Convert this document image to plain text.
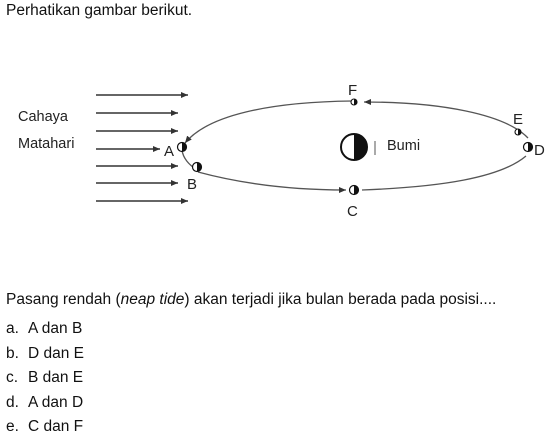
Perhatikan gambar berikut.
Cahaya
Matahari	Bumi
A
B
C
D
E
F
Pasang rendah (neap tide) akan terjadi jika bulan berada pada posisi....
a. A dan B
b. D dan E
c. B dan E
d. A dan D
e. C dan F
